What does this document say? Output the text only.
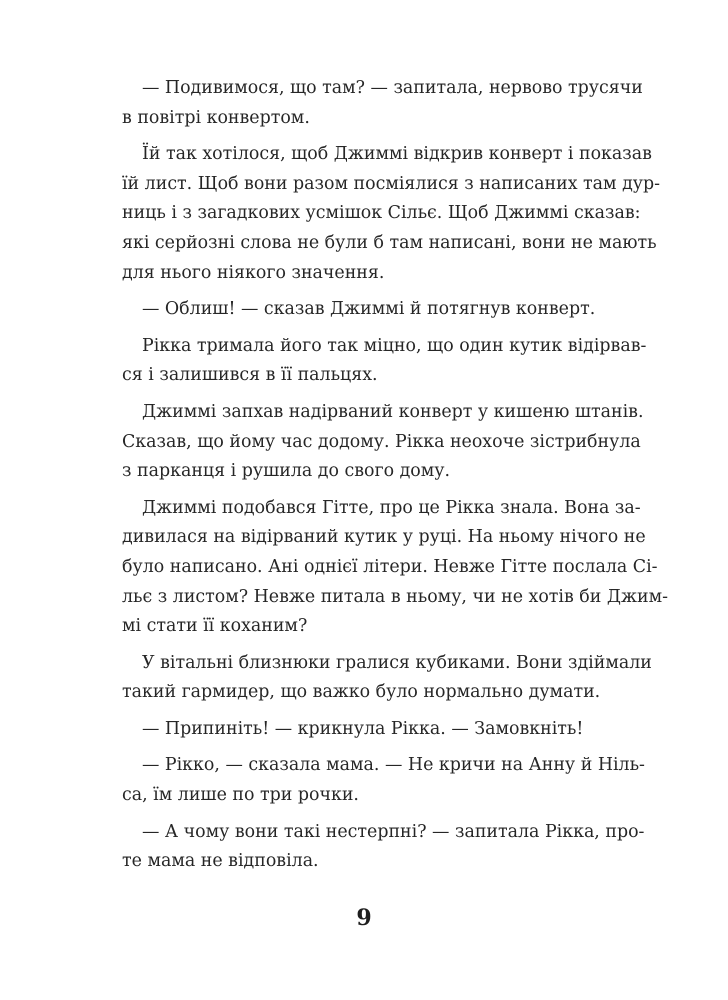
— Подивимося, що там? — запитала, нервово трусячи
в повітрі конвертом.
Їй так хотілося, щоб Джиммі відкрив конверт і показав
їй лист. Щоб вони разом посміялися з написаних там дур-
ниць і з загадкових усмішок Сільє. Щоб Джиммі сказав:
які серйозні слова не були б там написані, вони не мають
для нього ніякого значення.
— Облиш! — сказав Джиммі й потягнув конверт.
Рікка тримала його так міцно, що один кутик відірвав-
ся і залишився в її пальцях.
Джиммі запхав надірваний конверт у кишеню штанів.
Сказав, що йому час додому. Рікка неохоче зістрибнула
з парканця і рушила до свого дому.
Джиммі подобався Гітте, про це Рікка знала. Вона за-
дивилася на відірваний кутик у руці. На ньому нічого не
було написано. Ані однієї літери. Невже Гітте послала Сі-
льє з листом? Невже питала в ньому, чи не хотів би Джим-
мі стати її коханим?
У вітальні близнюки гралися кубиками. Вони здіймали
такий гармидер, що важко було нормально думати.
— Припиніть! — крикнула Рікка. — Замовкніть!
— Рікко, — сказала мама. — Не кричи на Анну й Ніль-
са, їм лише по три рочки.
— А чому вони такі нестерпні? — запитала Рікка, про-
те мама не відповіла.
9
